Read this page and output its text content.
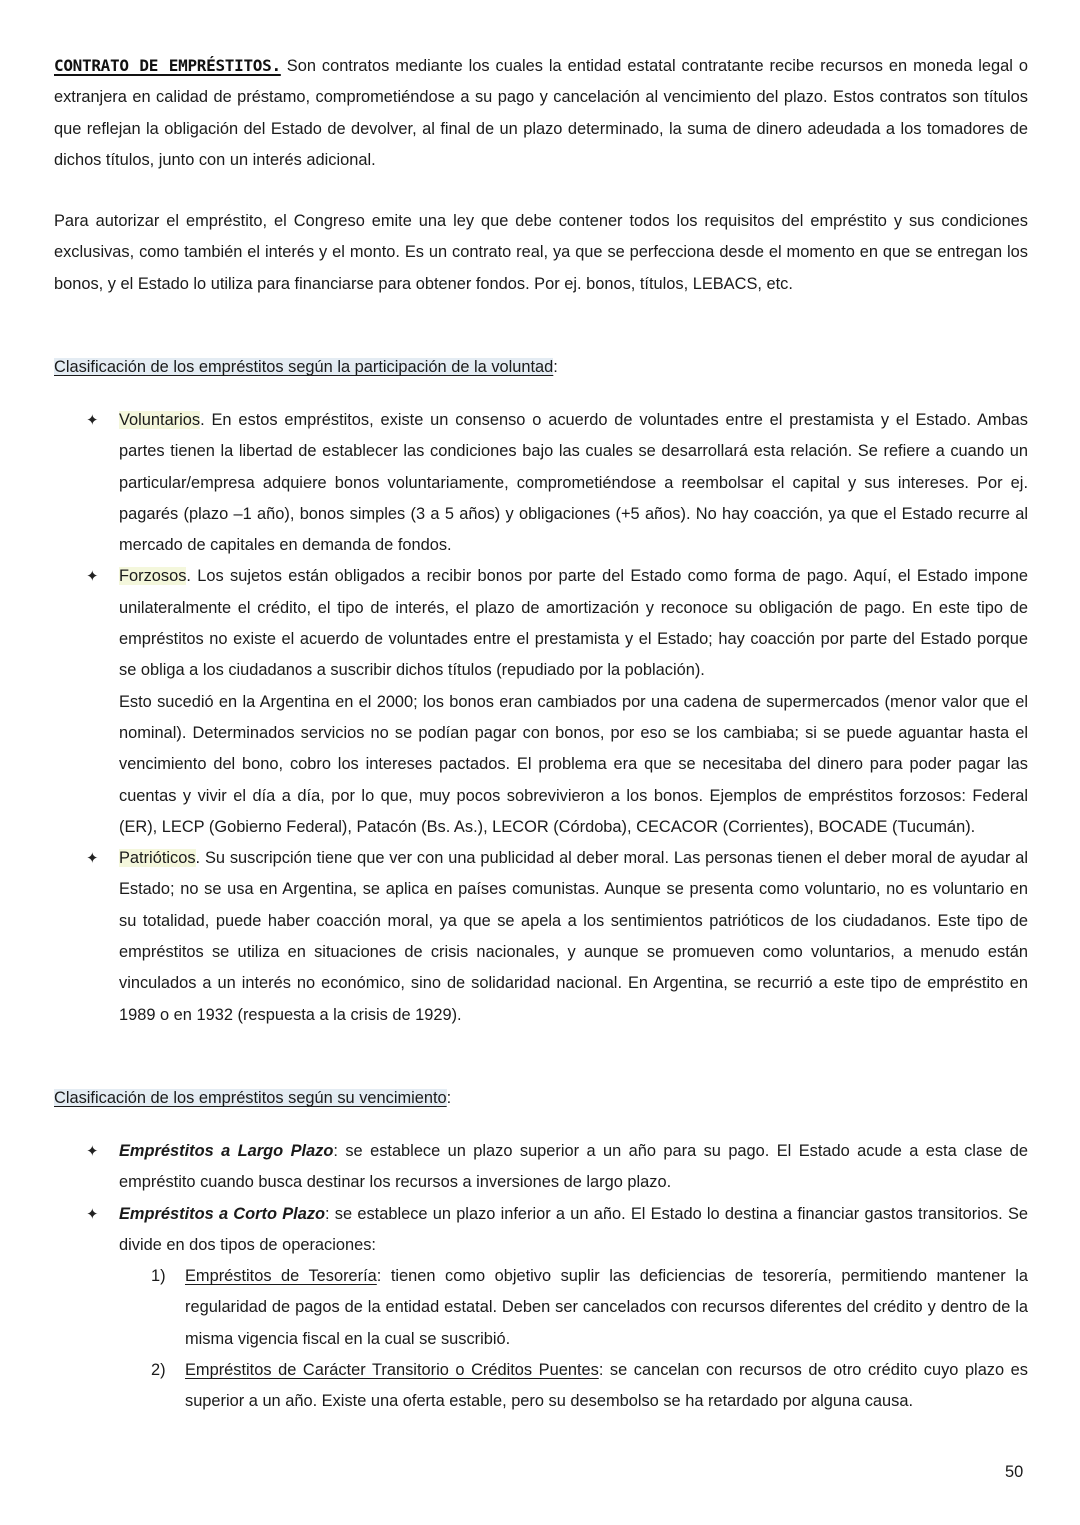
CONTRATO DE EMPRÉSTITOS. Son contratos mediante los cuales la entidad estatal contratante recibe recursos en moneda legal o extranjera en calidad de préstamo, comprometiéndose a su pago y cancelación al vencimiento del plazo. Estos contratos son títulos que reflejan la obligación del Estado de devolver, al final de un plazo determinado, la suma de dinero adeudada a los tomadores de dichos títulos, junto con un interés adicional.

Para autorizar el empréstito, el Congreso emite una ley que debe contener todos los requisitos del empréstito y sus condiciones exclusivas, como también el interés y el monto. Es un contrato real, ya que se perfecciona desde el momento en que se entregan los bonos, y el Estado lo utiliza para financiarse para obtener fondos. Por ej. bonos, títulos, LEBACS, etc.

Clasificación de los empréstitos según la participación de la voluntad:

✦ Voluntarios. En estos empréstitos, existe un consenso o acuerdo de voluntades entre el prestamista y el Estado. Ambas partes tienen la libertad de establecer las condiciones bajo las cuales se desarrollará esta relación. Se refiere a cuando un particular/empresa adquiere bonos voluntariamente, comprometiéndose a reembolsar el capital y sus intereses. Por ej. pagarés (plazo –1 año), bonos simples (3 a 5 años) y obligaciones (+5 años). No hay coacción, ya que el Estado recurre al mercado de capitales en demanda de fondos.
✦ Forzosos. Los sujetos están obligados a recibir bonos por parte del Estado como forma de pago. Aquí, el Estado impone unilateralmente el crédito, el tipo de interés, el plazo de amortización y reconoce su obligación de pago. En este tipo de empréstitos no existe el acuerdo de voluntades entre el prestamista y el Estado; hay coacción por parte del Estado porque se obliga a los ciudadanos a suscribir dichos títulos (repudiado por la población).
Esto sucedió en la Argentina en el 2000; los bonos eran cambiados por una cadena de supermercados (menor valor que el nominal). Determinados servicios no se podían pagar con bonos, por eso se los cambiaba; si se puede aguantar hasta el vencimiento del bono, cobro los intereses pactados. El problema era que se necesitaba del dinero para poder pagar las cuentas y vivir el día a día, por lo que, muy pocos sobrevivieron a los bonos. Ejemplos de empréstitos forzosos: Federal (ER), LECP (Gobierno Federal), Patacón (Bs. As.), LECOR (Córdoba), CECACOR (Corrientes), BOCADE (Tucumán).
✦ Patrióticos. Su suscripción tiene que ver con una publicidad al deber moral. Las personas tienen el deber moral de ayudar al Estado; no se usa en Argentina, se aplica en países comunistas. Aunque se presenta como voluntario, no es voluntario en su totalidad, puede haber coacción moral, ya que se apela a los sentimientos patrióticos de los ciudadanos. Este tipo de empréstitos se utiliza en situaciones de crisis nacionales, y aunque se promueven como voluntarios, a menudo están vinculados a un interés no económico, sino de solidaridad nacional. En Argentina, se recurrió a este tipo de empréstito en 1989 o en 1932 (respuesta a la crisis de 1929).

Clasificación de los empréstitos según su vencimiento:

✦ Empréstitos a Largo Plazo: se establece un plazo superior a un año para su pago. El Estado acude a esta clase de empréstito cuando busca destinar los recursos a inversiones de largo plazo.
✦ Empréstitos a Corto Plazo: se establece un plazo inferior a un año. El Estado lo destina a financiar gastos transitorios. Se divide en dos tipos de operaciones:
1) Empréstitos de Tesorería: tienen como objetivo suplir las deficiencias de tesorería, permitiendo mantener la regularidad de pagos de la entidad estatal. Deben ser cancelados con recursos diferentes del crédito y dentro de la misma vigencia fiscal en la cual se suscribió.
2) Empréstitos de Carácter Transitorio o Créditos Puentes: se cancelan con recursos de otro crédito cuyo plazo es superior a un año. Existe una oferta estable, pero su desembolso se ha retardado por alguna causa.
50
